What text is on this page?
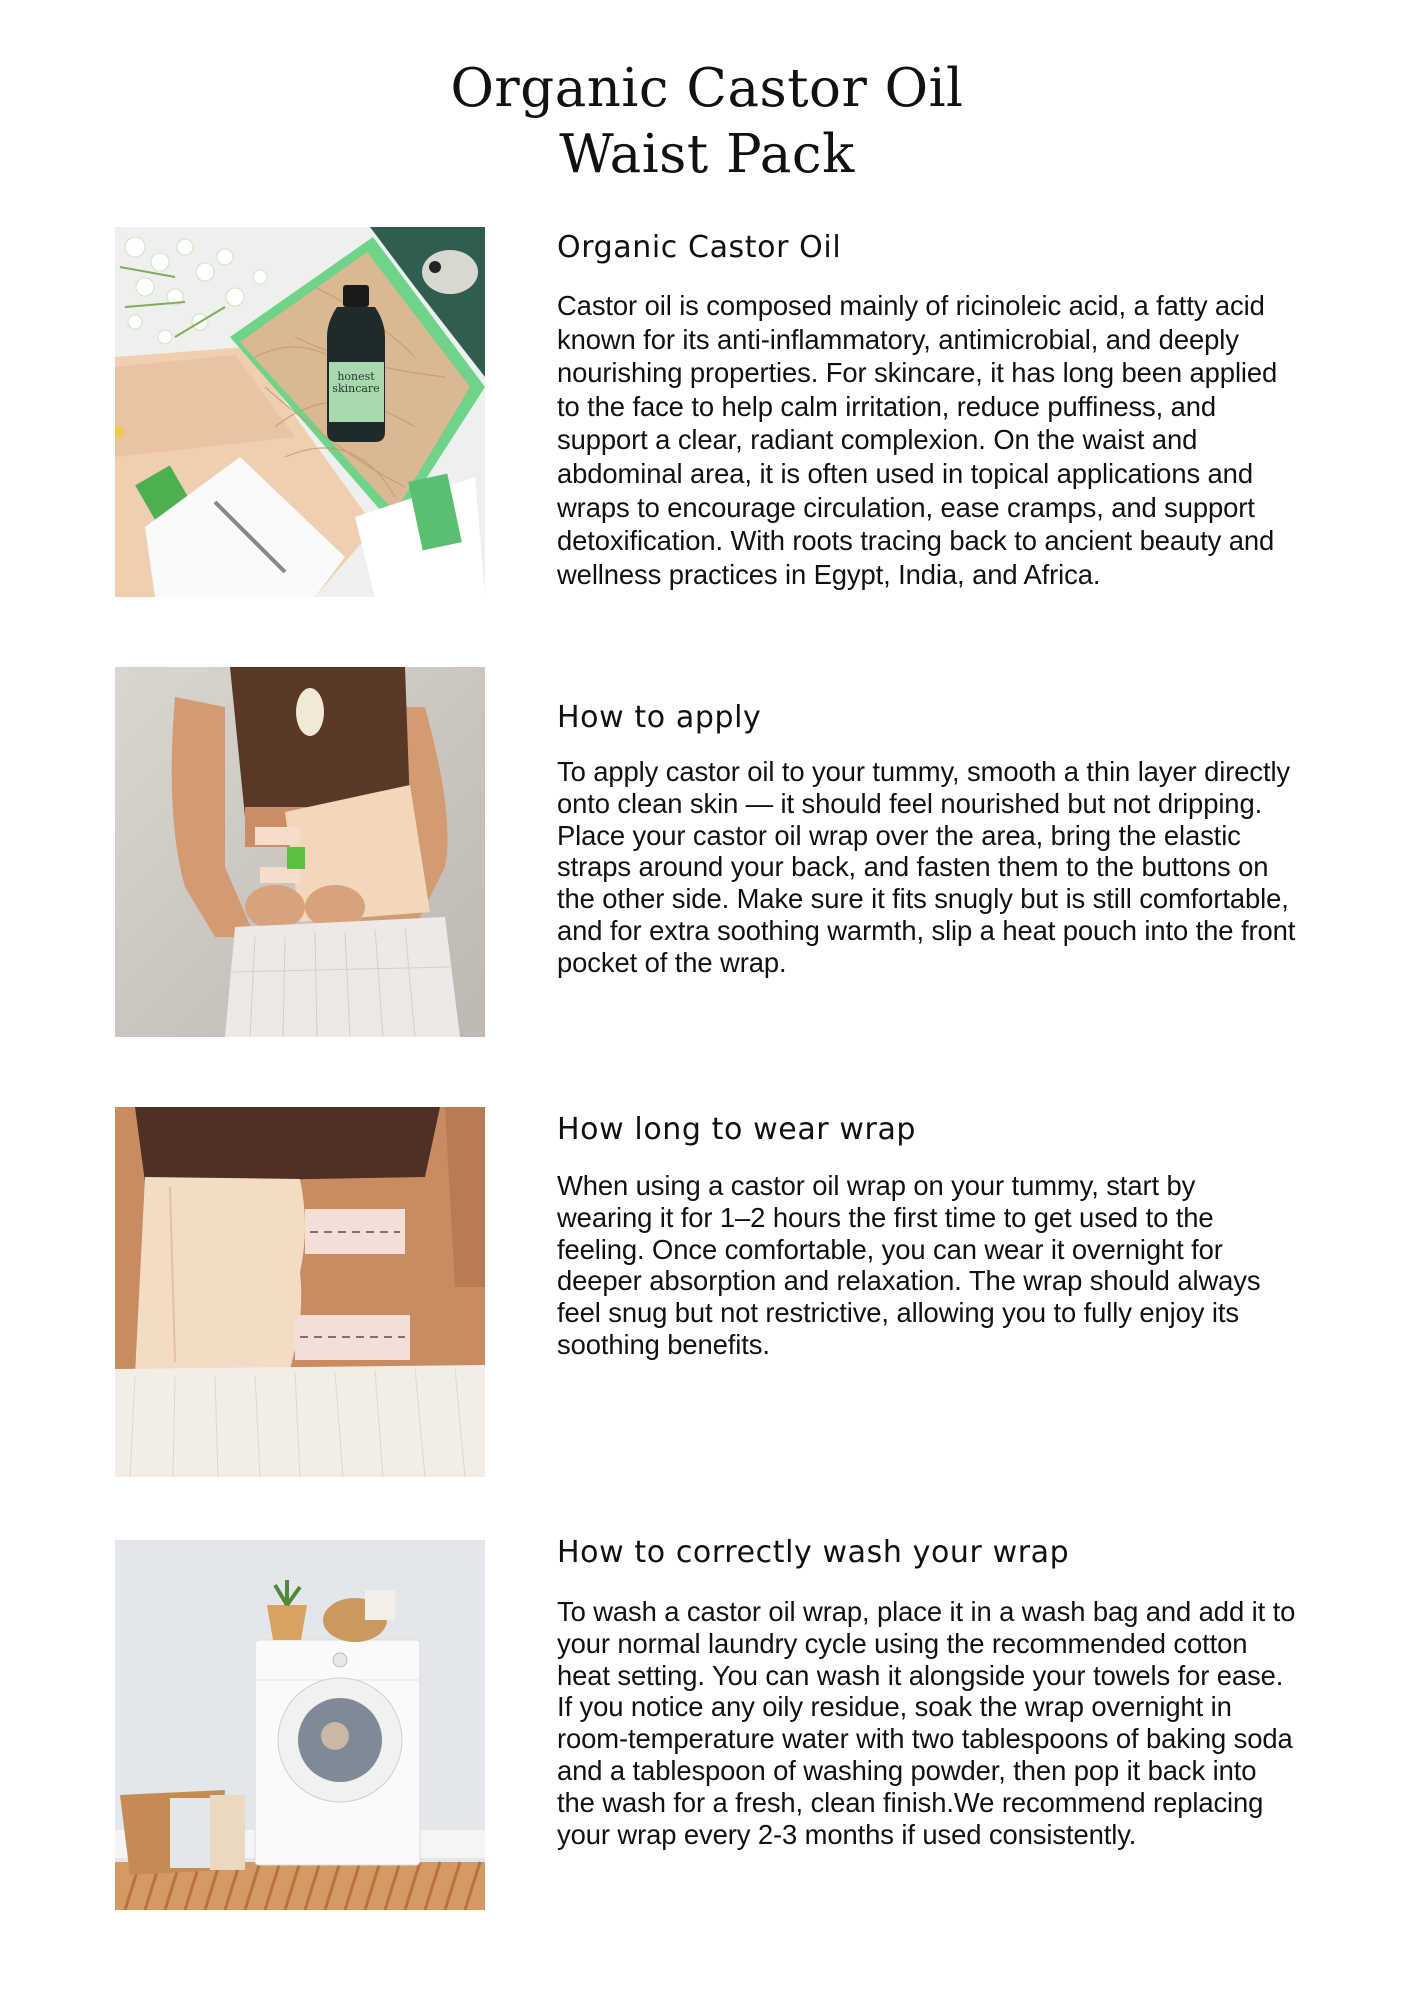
Organic Castor Oil
Waist Pack
honest
skincare
Organic Castor Oil

Castor oil is composed mainly of ricinoleic acid, a fatty acid known for its anti-inflammatory, antimicrobial, and deeply nourishing properties. For skincare, it has long been applied to the face to help calm irritation, reduce puffiness, and support a clear, radiant complexion. On the waist and abdominal area, it is often used in topical applications and wraps to encourage circulation, ease cramps, and support detoxification. With roots tracing back to ancient beauty and wellness practices in Egypt, India, and Africa.

How to apply

To apply castor oil to your tummy, smooth a thin layer directly onto clean skin — it should feel nourished but not dripping. Place your castor oil wrap over the area, bring the elastic straps around your back, and fasten them to the buttons on the other side. Make sure it fits snugly but is still comfortable, and for extra soothing warmth, slip a heat pouch into the front pocket of the wrap.

How long to wear wrap

When using a castor oil wrap on your tummy, start by wearing it for 1–2 hours the first time to get used to the feeling. Once comfortable, you can wear it overnight for deeper absorption and relaxation. The wrap should always feel snug but not restrictive, allowing you to fully enjoy its soothing benefits.

How to correctly wash your wrap

To wash a castor oil wrap, place it in a wash bag and add it to your normal laundry cycle using the recommended cotton heat setting. You can wash it alongside your towels for ease. If you notice any oily residue, soak the wrap overnight in room-temperature water with two tablespoons of baking soda and a tablespoon of washing powder, then pop it back into the wash for a fresh, clean finish.We recommend replacing your wrap every 2-3 months if used consistently.
